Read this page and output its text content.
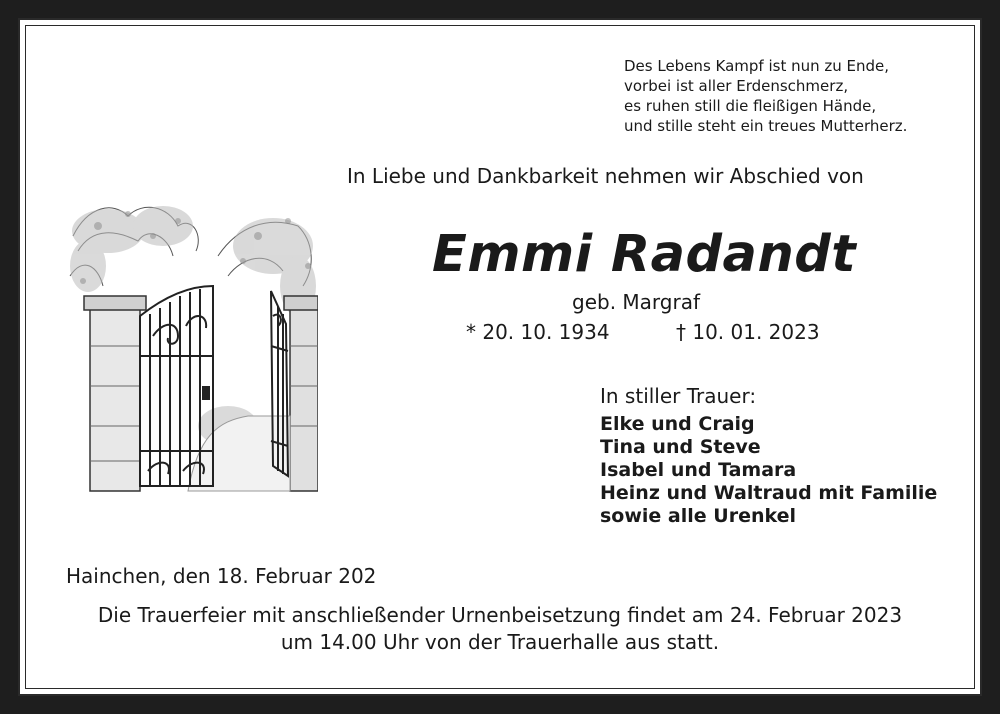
Des Lebens Kampf ist nun zu Ende,
vorbei ist aller Erdenschmerz,
es ruhen still die fleißigen Hände,
und stille steht ein treues Mutterherz.
In Liebe und Dankbarkeit nehmen wir Abschied von
Emmi Radandt
geb. Margraf
* 20. 10. 1934	† 10. 01. 2023
In stiller Trauer:
Elke und Craig
Tina und Steve
Isabel und Tamara
Heinz und Waltraud mit Familie
sowie alle Urenkel
Hainchen, den 18. Februar 202
Die Trauerfeier mit anschließender Urnenbeisetzung findet am 24. Februar 2023
um 14.00 Uhr von der Trauerhalle aus statt.
